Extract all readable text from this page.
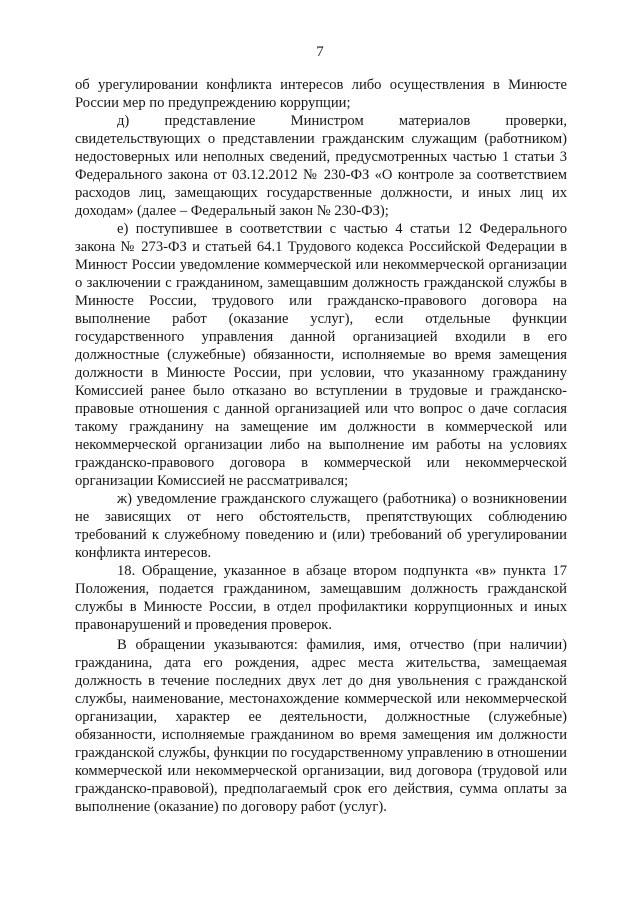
7

об урегулировании конфликта интересов либо осуществления в Минюсте России мер по предупреждению коррупции;

д) представление Министром материалов проверки, свидетельствующих о представлении гражданским служащим (работником) недостоверных или неполных сведений, предусмотренных частью 1 статьи 3 Федерального закона от 03.12.2012 № 230-ФЗ «О контроле за соответствием расходов лиц, замещающих государственные должности, и иных лиц их доходам» (далее – Федеральный закон № 230-ФЗ);

е) поступившее в соответствии с частью 4 статьи 12 Федерального закона № 273-ФЗ и статьей 64.1 Трудового кодекса Российской Федерации в Минюст России уведомление коммерческой или некоммерческой организации о заключении с гражданином, замещавшим должность гражданской службы в Минюсте России, трудового или гражданско-правового договора на выполнение работ (оказание услуг), если отдельные функции государственного управления данной организацией входили в его должностные (служебные) обязанности, исполняемые во время замещения должности в Минюсте России, при условии, что указанному гражданину Комиссией ранее было отказано во вступлении в трудовые и гражданско-правовые отношения с данной организацией или что вопрос о даче согласия такому гражданину на замещение им должности в коммерческой или некоммерческой организации либо на выполнение им работы на условиях гражданско-правового договора в коммерческой или некоммерческой организации Комиссией не рассматривался;

ж) уведомление гражданского служащего (работника) о возникновении не зависящих от него обстоятельств, препятствующих соблюдению требований к служебному поведению и (или) требований об урегулировании конфликта интересов.

18. Обращение, указанное в абзаце втором подпункта «в» пункта 17 Положения, подается гражданином, замещавшим должность гражданской службы в Минюсте России, в отдел профилактики коррупционных и иных правонарушений и проведения проверок.

В обращении указываются: фамилия, имя, отчество (при наличии) гражданина, дата его рождения, адрес места жительства, замещаемая должность в течение последних двух лет до дня увольнения с гражданской службы, наименование, местонахождение коммерческой или некоммерческой организации, характер ее деятельности, должностные (служебные) обязанности, исполняемые гражданином во время замещения им должности гражданской службы, функции по государственному управлению в отношении коммерческой или некоммерческой организации, вид договора (трудовой или гражданско-правовой), предполагаемый срок его действия, сумма оплаты за выполнение (оказание) по договору работ (услуг).
